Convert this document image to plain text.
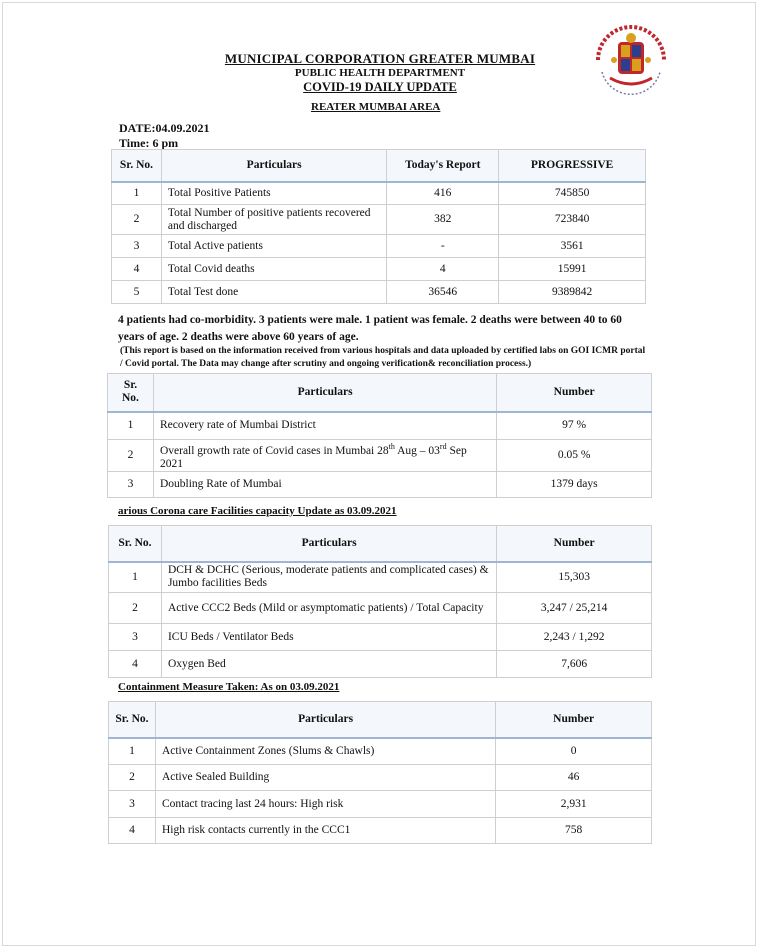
MUNICIPAL CORPORATION GREATER MUMBAI
PUBLIC HEALTH DEPARTMENT
COVID-19 DAILY UPDATE
REATER MUMBAI AREA
DATE:04.09.2021
Time: 6 pm
Sr. No.	Particulars	Today's Report	PROGRESSIVE
1	Total Positive Patients	416	745850
2	Total Number of positive patients recovered and discharged	382	723840
3	Total Active patients	-	3561
4	Total Covid deaths	4	15991
5	Total Test done	36546	9389842
4 patients had co-morbidity. 3 patients were male. 1 patient was female. 2 deaths were between 40 to 60 years of age. 2 deaths were above 60 years of age.
(This report is based on the information received from various hospitals and data uploaded by certified labs on GOI ICMR portal / Covid portal. The Data may change after scrutiny and ongoing verification& reconciliation process.)
Sr. No.	Particulars	Number
1	Recovery rate of Mumbai District	97 %
2	Overall growth rate of Covid cases in Mumbai 28th Aug – 03rd Sep 2021	0.05 %
3	Doubling Rate of Mumbai	1379 days
arious Corona care Facilities capacity Update as 03.09.2021
Sr. No.	Particulars	Number
1	DCH & DCHC (Serious, moderate patients and complicated cases) & Jumbo facilities Beds	15,303
2	Active CCC2 Beds (Mild or asymptomatic patients) / Total Capacity	3,247 / 25,214
3	ICU Beds / Ventilator Beds	2,243 / 1,292
4	Oxygen Bed	7,606
Containment Measure Taken: As on 03.09.2021
Sr. No.	Particulars	Number
1	Active Containment Zones (Slums & Chawls)	0
2	Active Sealed Building	46
3	Contact tracing last 24 hours: High risk	2,931
4	High risk contacts currently in the CCC1	758
